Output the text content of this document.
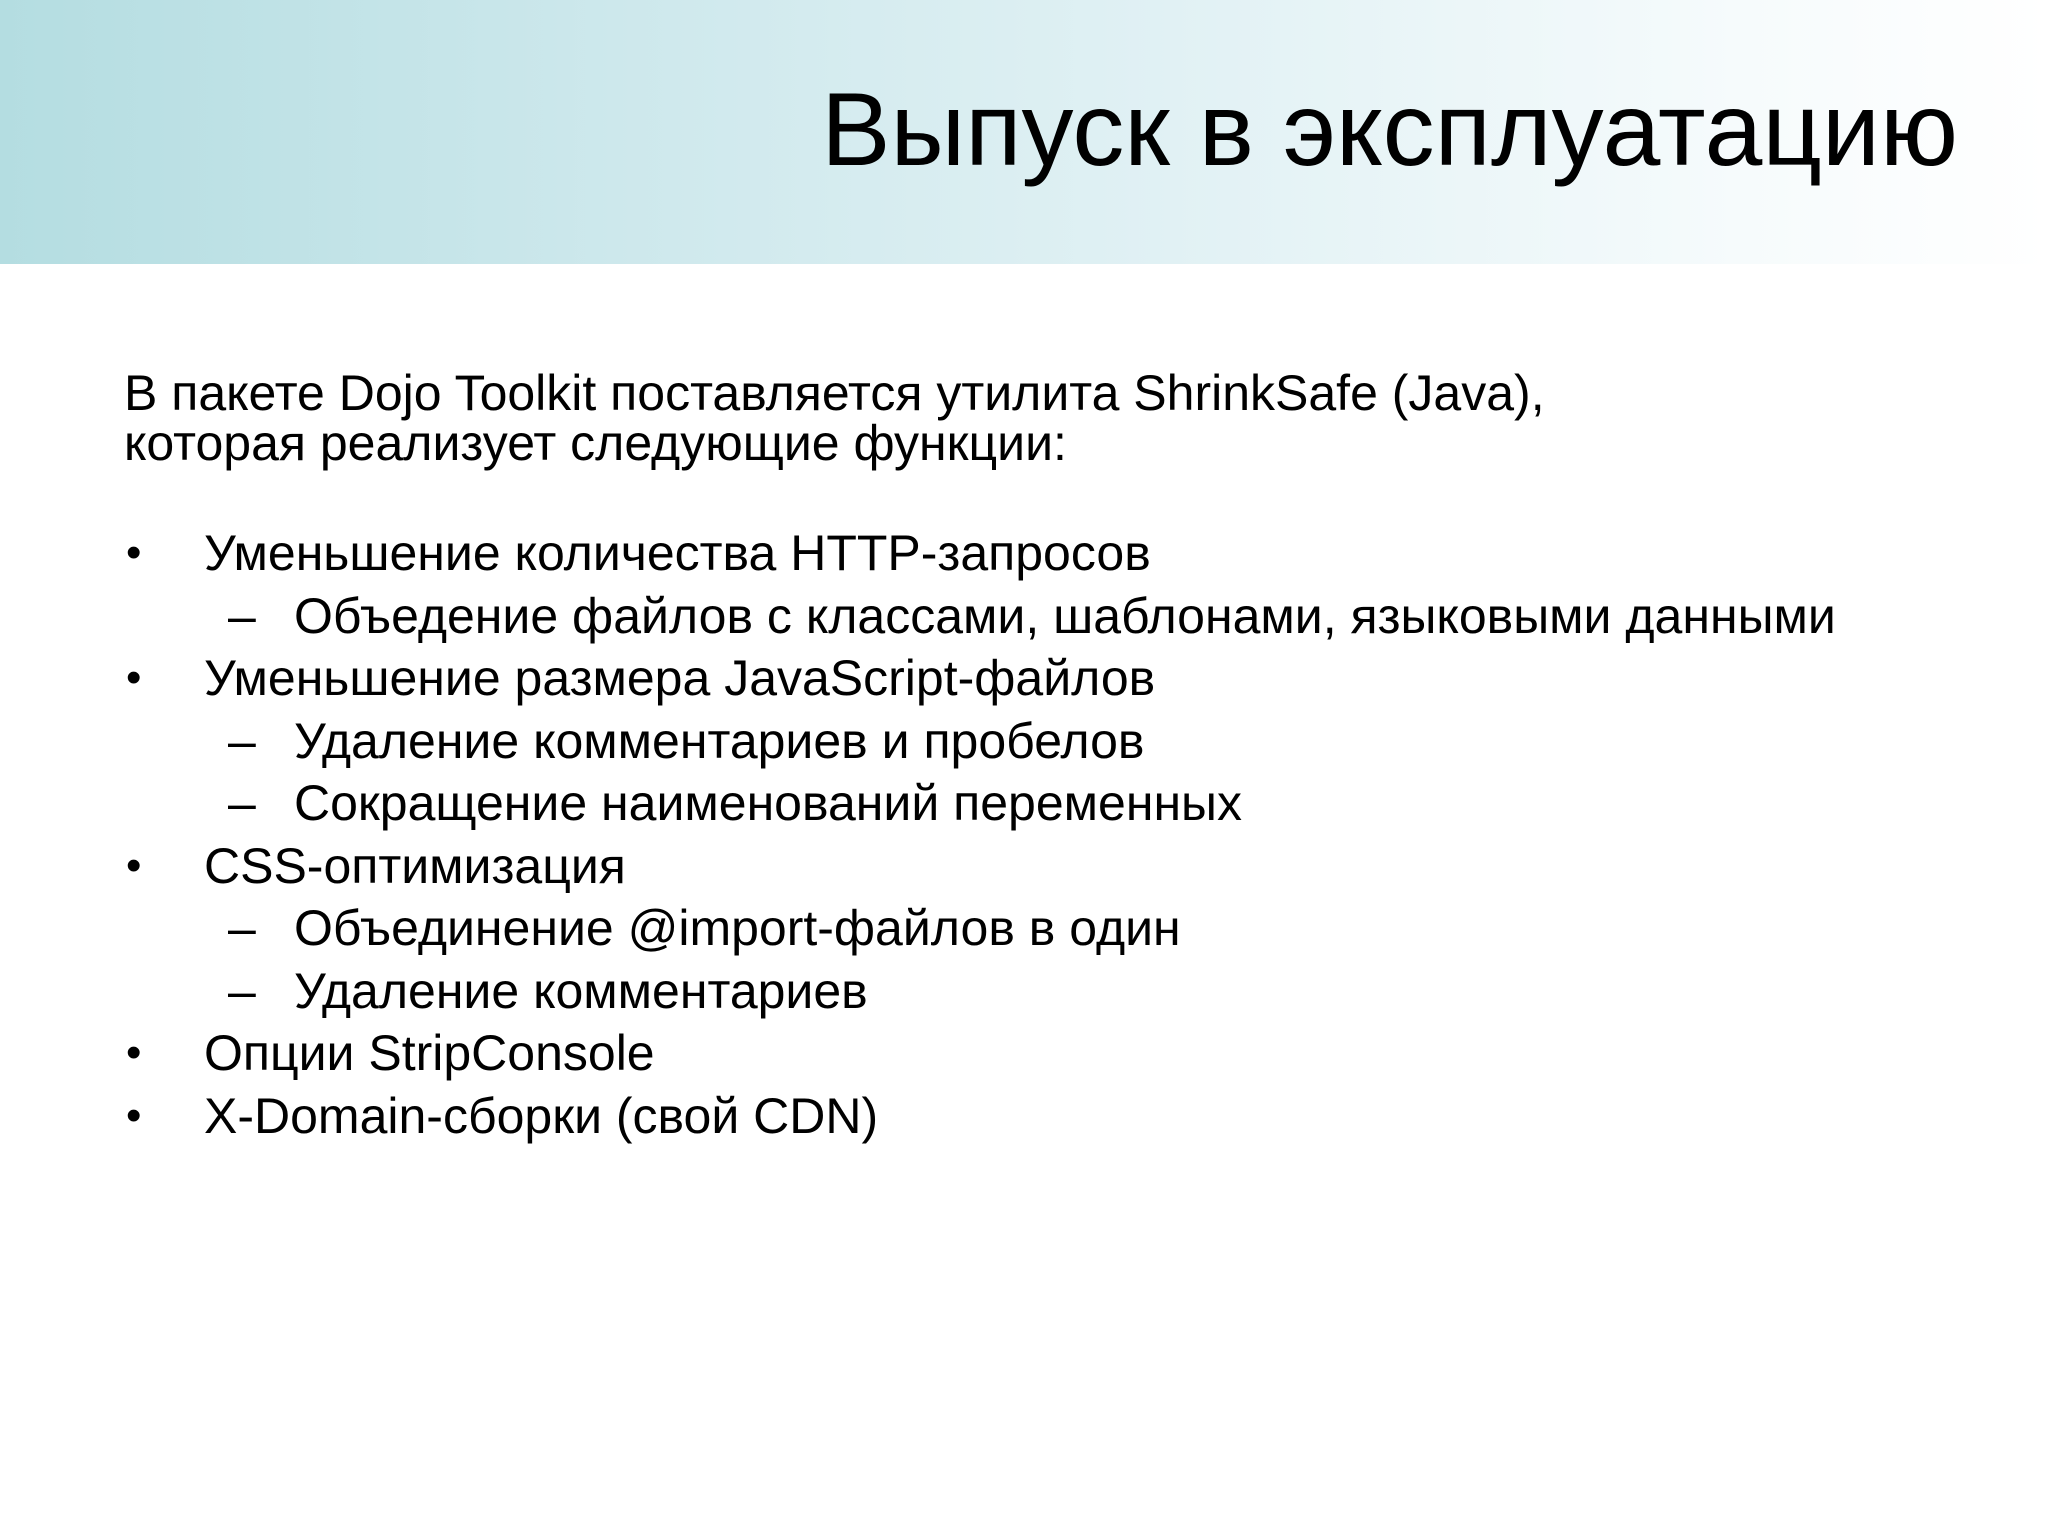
Выпуск в эксплуатацию

В пакете Dojo Toolkit поставляется утилита ShrinkSafe (Java),
которая реализует следующие функции:

• Уменьшение количества HTTP-запросов
– Объедение файлов с классами, шаблонами, языковыми данными
• Уменьшение размера JavaScript-файлов
– Удаление комментариев и пробелов
– Сокращение наименований переменных
• CSS-оптимизация
– Объединение @import-файлов в один
– Удаление комментариев
• Опции StripConsole
• X-Domain-сборки (свой CDN)
